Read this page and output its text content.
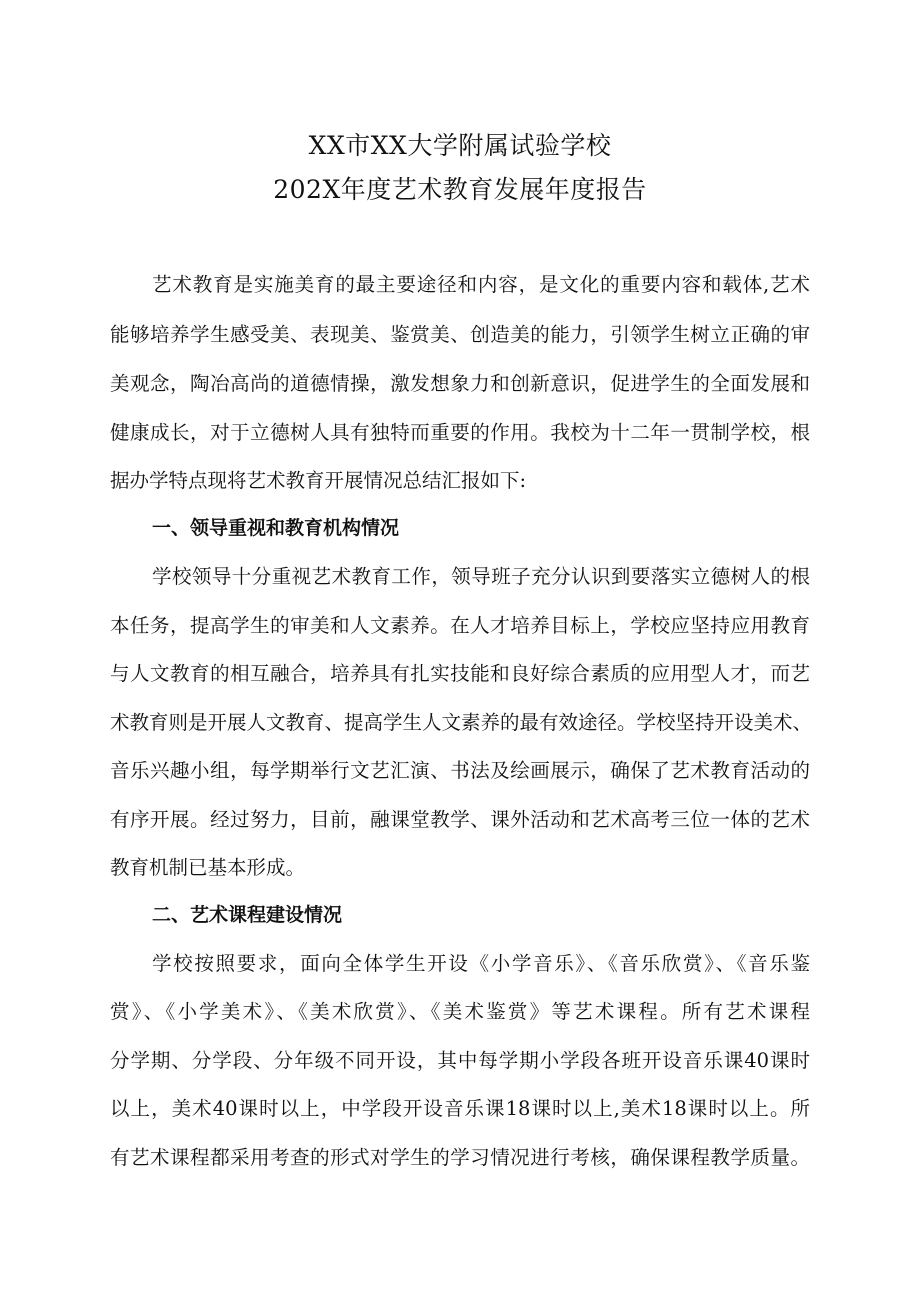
XX市XX大学附属试验学校
202X年度艺术教育发展年度报告
艺术教育是实施美育的最主要途径和内容，是文化的重要内容和载体,艺术
能够培养学生感受美、表现美、鉴赏美、创造美的能力，引领学生树立正确的审
美观念，陶冶高尚的道德情操，激发想象力和创新意识，促进学生的全面发展和
健康成长，对于立德树人具有独特而重要的作用。我校为十二年一贯制学校，根
据办学特点现将艺术教育开展情况总结汇报如下:
一、领导重视和教育机构情况
学校领导十分重视艺术教育工作，领导班子充分认识到要落实立德树人的根
本任务，提高学生的审美和人文素养。在人才培养目标上，学校应坚持应用教育
与人文教育的相互融合，培养具有扎实技能和良好综合素质的应用型人才，而艺
术教育则是开展人文教育、提高学生人文素养的最有效途径。学校坚持开设美术、
音乐兴趣小组，每学期举行文艺汇演、书法及绘画展示，确保了艺术教育活动的
有序开展。经过努力，目前，融课堂教学、课外活动和艺术高考三位一体的艺术
教育机制已基本形成。
二、艺术课程建设情况
学校按照要求，面向全体学生开设《小学音乐》、《音乐欣赏》、《音乐鉴
赏》、《小学美术》、《美术欣赏》、《美术鉴赏》等艺术课程。所有艺术课程
分学期、分学段、分年级不同开设，其中每学期小学段各班开设音乐课40课时
以上，美术40课时以上，中学段开设音乐课18课时以上,美术18课时以上。所
有艺术课程都采用考查的形式对学生的学习情况进行考核，确保课程教学质量。
